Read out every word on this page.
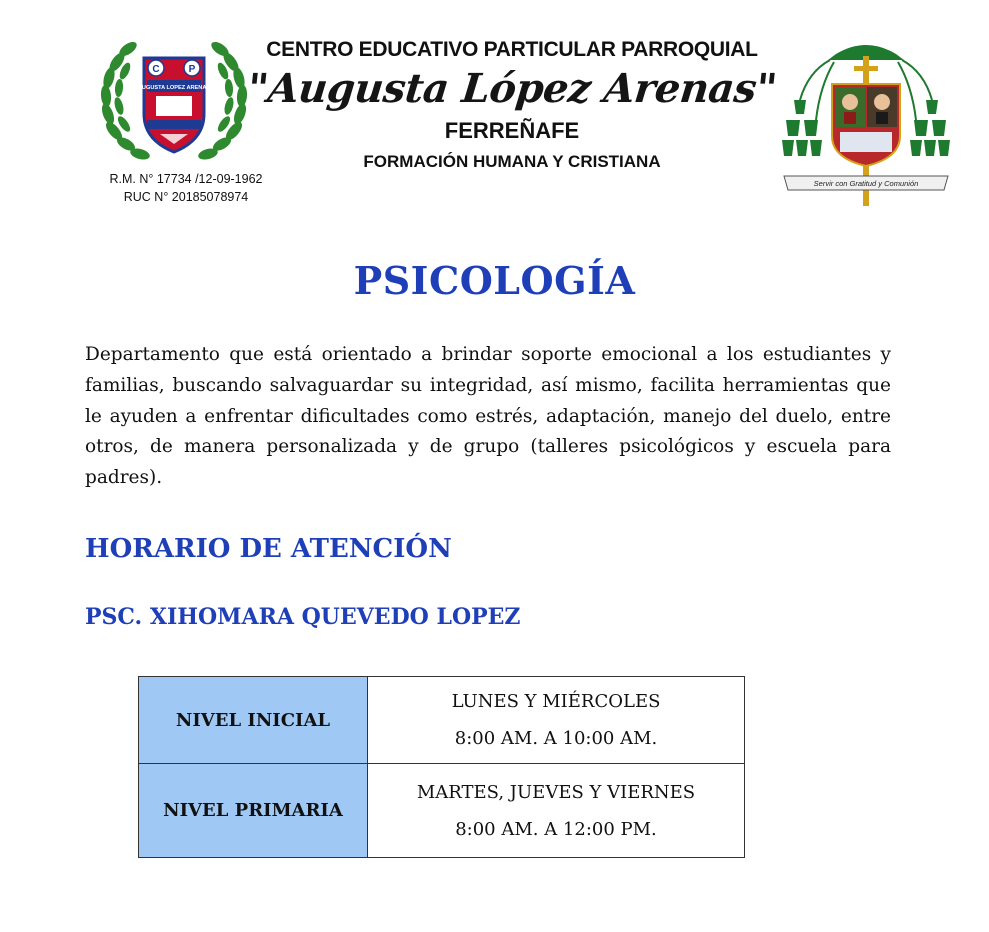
C	P
AUGUSTA LOPEZ ARENAS
R.M. N° 17734 /12-09-1962
RUC N° 20185078974
CENTRO EDUCATIVO PARTICULAR PARROQUIAL
"Augusta López Arenas"
FERREÑAFE
FORMACIÓN HUMANA Y CRISTIANA
Servir con Gratitud y Comunión
PSICOLOGÍA
Departamento que está orientado a brindar soporte emocional a los estudiantes y familias, buscando salvaguardar su integridad, así mismo, facilita herramientas que le ayuden a enfrentar dificultades como estrés, adaptación, manejo del duelo, entre otros, de manera personalizada y de grupo (talleres psicológicos y escuela para padres).
HORARIO DE ATENCIÓN
PSC. XIHOMARA QUEVEDO LOPEZ
NIVEL INICIAL	LUNES Y MIÉRCOLES
8:00 AM. A 10:00 AM.

NIVEL PRIMARIA	MARTES, JUEVES Y VIERNES
8:00 AM. A 12:00 PM.
